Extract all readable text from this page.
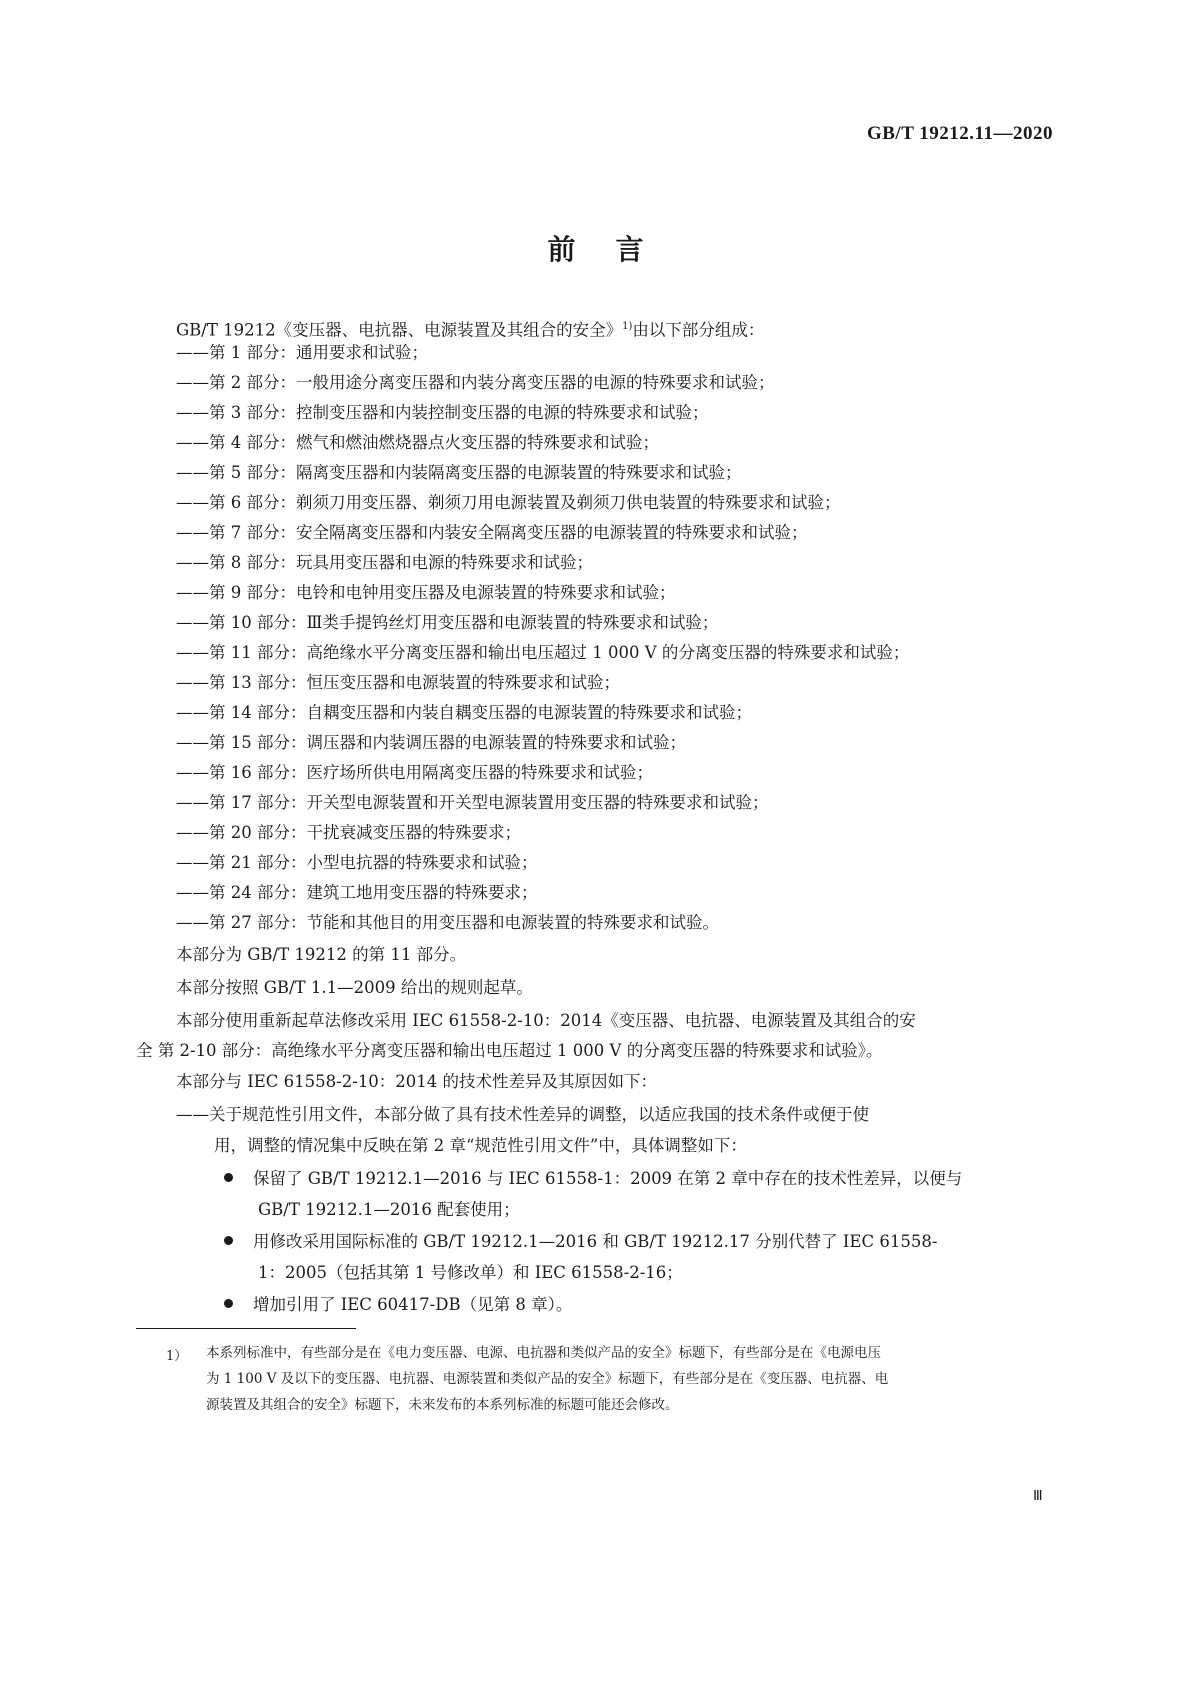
GB/T 19212.11—2020
前言
GB/T 19212《变压器、电抗器、电源装置及其组合的安全》$^{1)}$由以下部分组成：
——第 1 部分：通用要求和试验；
——第 2 部分：一般用途分离变压器和内装分离变压器的电源的特殊要求和试验；
——第 3 部分：控制变压器和内装控制变压器的电源的特殊要求和试验；
——第 4 部分：燃气和燃油燃烧器点火变压器的特殊要求和试验；
——第 5 部分：隔离变压器和内装隔离变压器的电源装置的特殊要求和试验；
——第 6 部分：剃须刀用变压器、剃须刀用电源装置及剃须刀供电装置的特殊要求和试验；
——第 7 部分：安全隔离变压器和内装安全隔离变压器的电源装置的特殊要求和试验；
——第 8 部分：玩具用变压器和电源的特殊要求和试验；
——第 9 部分：电铃和电钟用变压器及电源装置的特殊要求和试验；
——第 10 部分：Ⅲ类手提钨丝灯用变压器和电源装置的特殊要求和试验；
——第 11 部分：高绝缘水平分离变压器和输出电压超过 1 000 V 的分离变压器的特殊要求和试验；
——第 13 部分：恒压变压器和电源装置的特殊要求和试验；
——第 14 部分：自耦变压器和内装自耦变压器的电源装置的特殊要求和试验；
——第 15 部分：调压器和内装调压器的电源装置的特殊要求和试验；
——第 16 部分：医疗场所供电用隔离变压器的特殊要求和试验；
——第 17 部分：开关型电源装置和开关型电源装置用变压器的特殊要求和试验；
——第 20 部分：干扰衰减变压器的特殊要求；
——第 21 部分：小型电抗器的特殊要求和试验；
——第 24 部分：建筑工地用变压器的特殊要求；
——第 27 部分：节能和其他目的用变压器和电源装置的特殊要求和试验。
本部分为 GB/T 19212 的第 11 部分。
本部分按照 GB/T 1.1—2009 给出的规则起草。
本部分使用重新起草法修改采用 IEC 61558-2-10：2014《变压器、电抗器、电源装置及其组合的安
全 第 2-10 部分：高绝缘水平分离变压器和输出电压超过 1 000 V 的分离变压器的特殊要求和试验》。
本部分与 IEC 61558-2-10：2014 的技术性差异及其原因如下：
——关于规范性引用文件，本部分做了具有技术性差异的调整，以适应我国的技术条件或便于使
用，调整的情况集中反映在第 2 章“规范性引用文件”中，具体调整如下：
保留了 GB/T 19212.1—2016 与 IEC 61558-1：2009 在第 2 章中存在的技术性差异，以便与
GB/T 19212.1—2016 配套使用；
用修改采用国际标准的 GB/T 19212.1—2016 和 GB/T 19212.17 分别代替了 IEC 61558-
1：2005（包括其第 1 号修改单）和 IEC 61558-2-16；
增加引用了 IEC 60417-DB（见第 8 章）。
1） 本系列标准中，有些部分是在《电力变压器、电源、电抗器和类似产品的安全》标题下，有些部分是在《电源电压
为 1 100 V 及以下的变压器、电抗器、电源装置和类似产品的安全》标题下，有些部分是在《变压器、电抗器、电
源装置及其组合的安全》标题下，未来发布的本系列标准的标题可能还会修改。
Ⅲ
